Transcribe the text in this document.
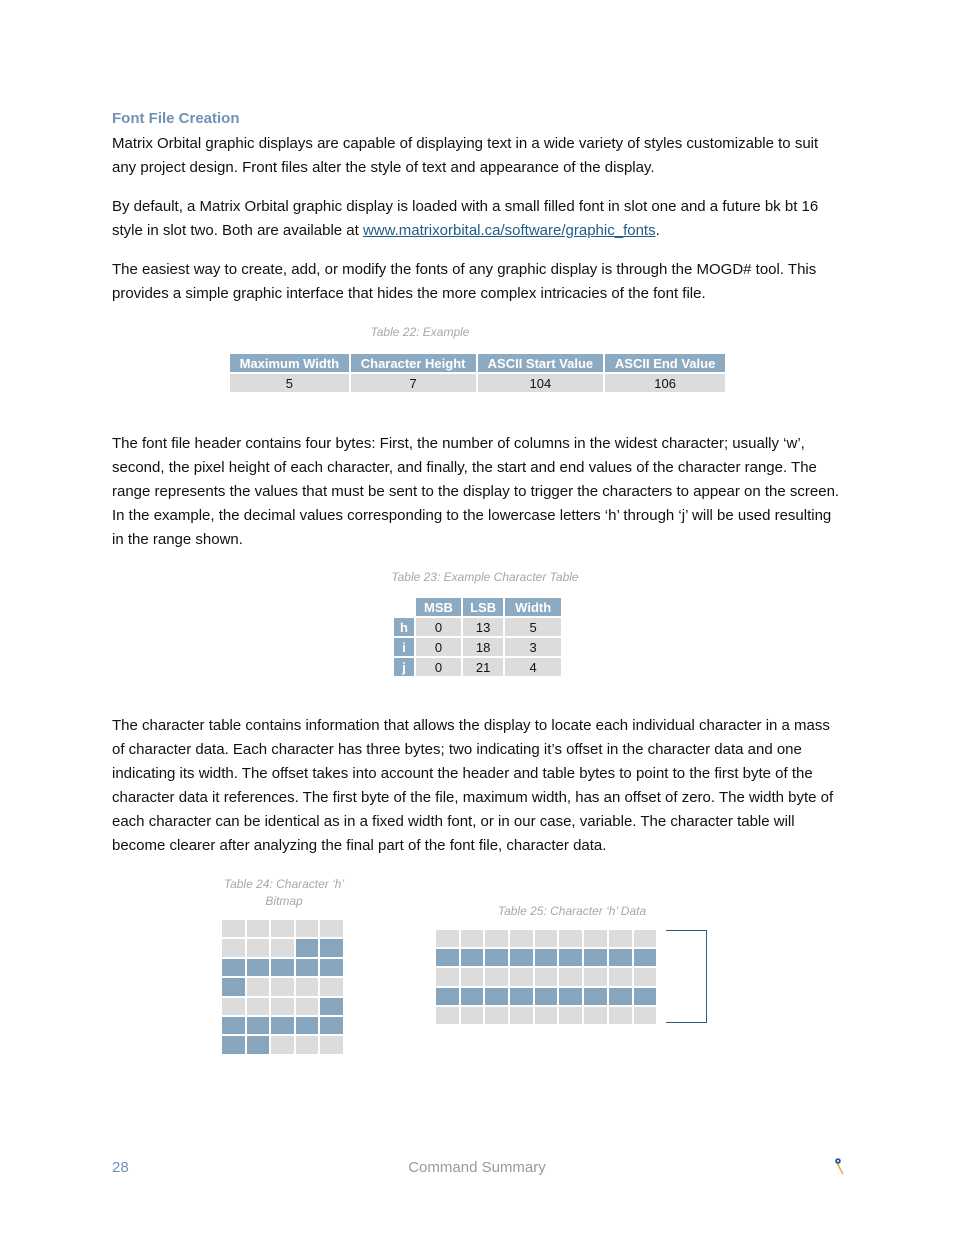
Font File Creation

Matrix Orbital graphic displays are capable of displaying text in a wide variety of styles customizable to suit any project design. Front files alter the style of text and appearance of the display.

By default, a Matrix Orbital graphic display is loaded with a small filled font in slot one and a future bk bt 16 style in slot two. Both are available at www.matrixorbital.ca/software/graphic_fonts.

The easiest way to create, add, or modify the fonts of any graphic display is through the MOGD# tool. This provides a simple graphic interface that hides the more complex intricacies of the font file.

Table 22: Example
Maximum Width	Character Height	ASCII Start Value	ASCII End Value
5	7	104	106

The font file header contains four bytes: First, the number of columns in the widest character; usually ‘w’, second, the pixel height of each character, and finally, the start and end values of the character range. The range represents the values that must be sent to the display to trigger the characters to appear on the screen. In the example, the decimal values corresponding to the lowercase letters ‘h’ through ‘j’ will be used resulting in the range shown.

Table 23: Example Character Table
	MSB	LSB	Width
h	0	13	5
i	0	18	3
j	0	21	4

The character table contains information that allows the display to locate each individual character in a mass of character data. Each character has three bytes; two indicating it’s offset in the character data and one indicating its width. The offset takes into account the header and table bytes to point to the first byte of the character data it references. The first byte of the file, maximum width, has an offset of zero. The width byte of each character can be identical as in a fixed width font, or in our case, variable. The character table will become clearer after analyzing the final part of the font file, character data.

Table 24: Character ‘h’
Bitmap
Table 25: Character ‘h’ Data
28	Command Summary
